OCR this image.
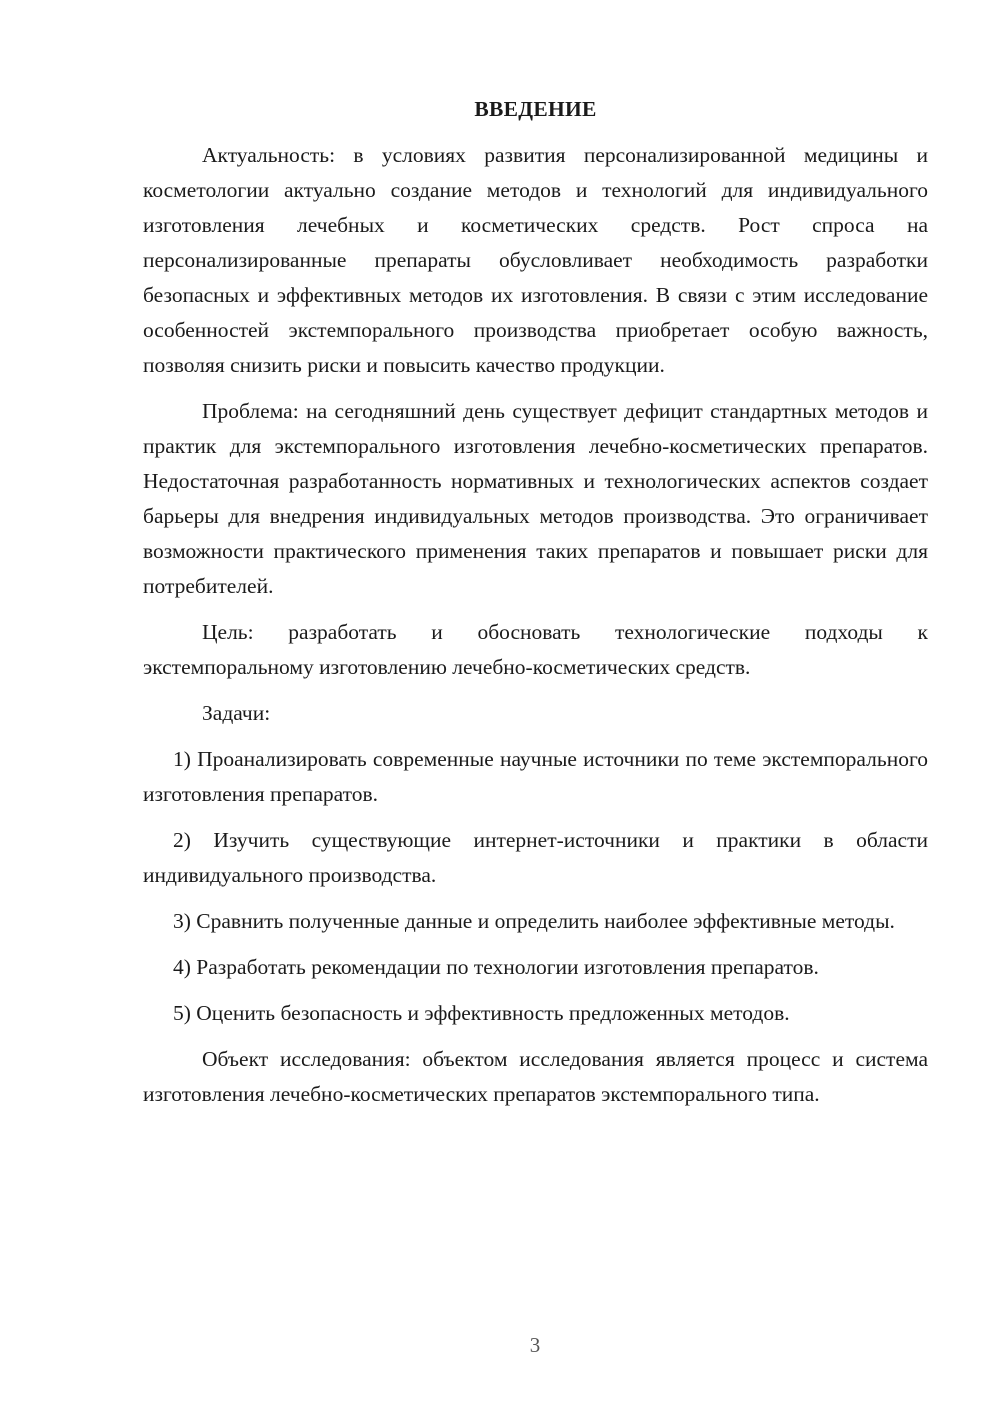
ВВЕДЕНИЕ

Актуальность: в условиях развития персонализированной медицины и косметологии актуально создание методов и технологий для индивидуального изготовления лечебных и косметических средств. Рост спроса на персонализированные препараты обусловливает необходимость разработки безопасных и эффективных методов их изготовления. В связи с этим исследование особенностей экстемпорального производства приобретает особую важность, позволяя снизить риски и повысить качество продукции.

Проблема: на сегодняшний день существует дефицит стандартных методов и практик для экстемпорального изготовления лечебно-косметических препаратов. Недостаточная разработанность нормативных и технологических аспектов создает барьеры для внедрения индивидуальных методов производства. Это ограничивает возможности практического применения таких препаратов и повышает риски для потребителей.

Цель: разработать и обосновать технологические подходы к экстемпоральному изготовлению лечебно-косметических средств.

Задачи:

1) Проанализировать современные научные источники по теме экстемпорального изготовления препаратов.

2) Изучить существующие интернет-источники и практики в области индивидуального производства.

3) Сравнить полученные данные и определить наиболее эффективные методы.

4) Разработать рекомендации по технологии изготовления препаратов.

5) Оценить безопасность и эффективность предложенных методов.

Объект исследования: объектом исследования является процесс и система изготовления лечебно-косметических препаратов экстемпорального типа.

3
